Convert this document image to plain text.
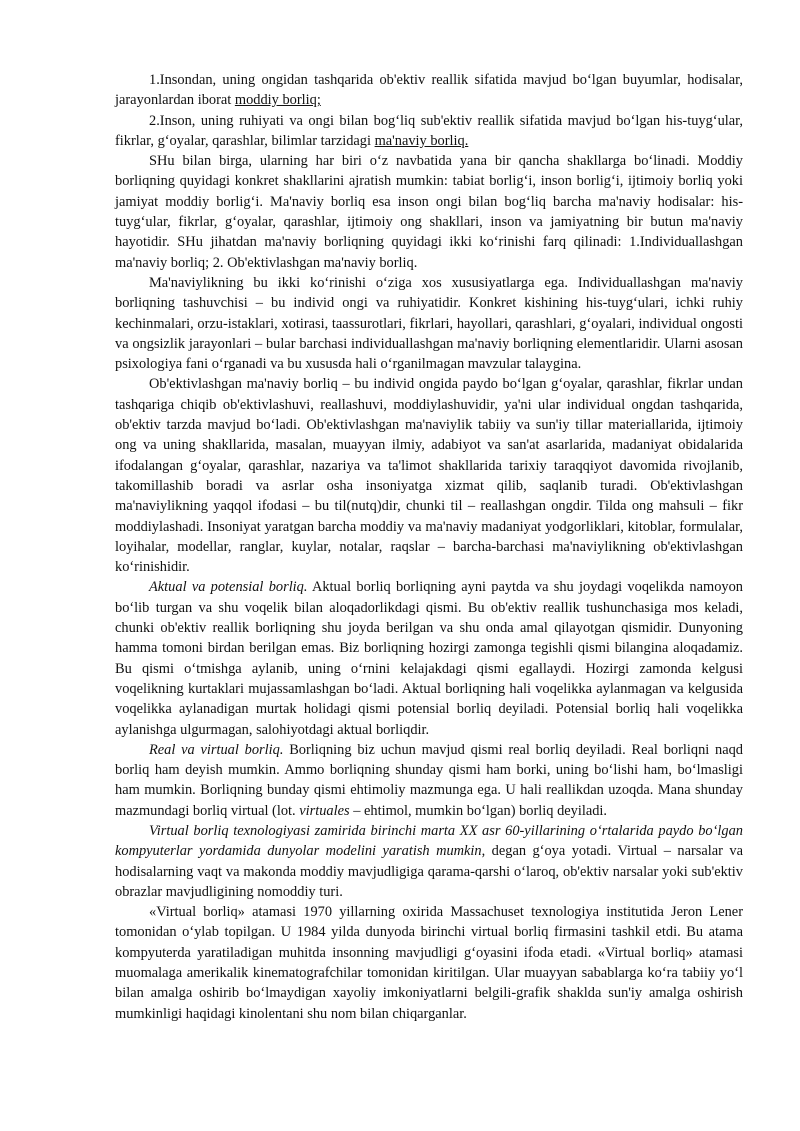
1.Insondan, uning ongidan tashqarida ob'ektiv reallik sifatida mavjud bo‘lgan buyumlar, hodisalar, jarayonlardan iborat moddiy borliq;

2.Inson, uning ruhiyati va ongi bilan bog‘liq sub'ektiv reallik sifatida mavjud bo‘lgan his-tuyg‘ular, fikrlar, g‘oyalar, qarashlar, bilimlar tarzidagi ma'naviy borliq.

SHu bilan birga, ularning har biri o‘z navbatida yana bir qancha shakllarga bo‘linadi. Moddiy borliqning quyidagi konkret shakllarini ajratish mumkin: tabiat borlig‘i, inson borlig‘i, ijtimoiy borliq yoki jamiyat moddiy borlig‘i. Ma'naviy borliq esa inson ongi bilan bog‘liq barcha ma'naviy hodisalar: his-tuyg‘ular, fikrlar, g‘oyalar, qarashlar, ijtimoiy ong shakllari, inson va jamiyatning bir butun ma'naviy hayotidir. SHu jihatdan ma'naviy borliqning quyidagi ikki ko‘rinishi farq qilinadi: 1.Individuallashgan ma'naviy borliq; 2. Ob'ektivlashgan ma'naviy borliq.

Ma'naviylikning bu ikki ko‘rinishi o‘ziga xos xususiyatlarga ega. Individuallashgan ma'naviy borliqning tashuvchisi – bu individ ongi va ruhiyatidir. Konkret kishining his-tuyg‘ulari, ichki ruhiy kechinmalari, orzu-istaklari, xotirasi, taassurotlari, fikrlari, hayollari, qarashlari, g‘oyalari, individual ongosti va ongsizlik jarayonlari – bular barchasi individuallashgan ma'naviy borliqning elementlaridir. Ularni asosan psixologiya fani o‘rganadi va bu xususda hali o‘rganilmagan mavzular talaygina.

Ob'ektivlashgan ma'naviy borliq – bu individ ongida paydo bo‘lgan g‘oyalar, qarashlar, fikrlar undan tashqariga chiqib ob'ektivlashuvi, reallashuvi, moddiylashuvidir, ya'ni ular individual ongdan tashqarida, ob'ektiv tarzda mavjud bo‘ladi. Ob'ektivlashgan ma'naviylik tabiiy va sun'iy tillar materiallarida, ijtimoiy ong va uning shakllarida, masalan, muayyan ilmiy, adabiyot va san'at asarlarida, madaniyat obidalarida ifodalangan g‘oyalar, qarashlar, nazariya va ta'limot shakllarida tarixiy taraqqiyot davomida rivojlanib, takomillashib boradi va asrlar osha insoniyatga xizmat qilib, saqlanib turadi. Ob'ektivlashgan ma'naviylikning yaqqol ifodasi – bu til(nutq)dir, chunki til – reallashgan ongdir. Tilda ong mahsuli – fikr moddiylashadi. Insoniyat yaratgan barcha moddiy va ma'naviy madaniyat yodgorliklari, kitoblar, formulalar, loyihalar, modellar, ranglar, kuylar, notalar, raqslar – barcha-barchasi ma'naviylikning ob'ektivlashgan ko‘rinishidir.

Aktual va potensial borliq. Aktual borliq borliqning ayni paytda va shu joydagi voqelikda namoyon bo‘lib turgan va shu voqelik bilan aloqadorlikdagi qismi. Bu ob'ektiv reallik tushunchasiga mos keladi, chunki ob'ektiv reallik borliqning shu joyda berilgan va shu onda amal qilayotgan qismidir. Dunyoning hamma tomoni birdan berilgan emas. Biz borliqning hozirgi zamonga tegishli qismi bilangina aloqadamiz. Bu qismi o‘tmishga aylanib, uning o‘rnini kelajakdagi qismi egallaydi. Hozirgi zamonda kelgusi voqelikning kurtaklari mujassamlashgan bo‘ladi. Aktual borliqning hali voqelikka aylanmagan va kelgusida voqelikka aylanadigan murtak holidagi qismi potensial borliq deyiladi. Potensial borliq hali voqelikka aylanishga ulgurmagan, salohiyotdagi aktual borliqdir.

Real va virtual borliq. Borliqning biz uchun mavjud qismi real borliq deyiladi. Real borliqni naqd borliq ham deyish mumkin. Ammo borliqning shunday qismi ham borki, uning bo‘lishi ham, bo‘lmasligi ham mumkin. Borliqning bunday qismi ehtimoliy mazmunga ega. U hali reallikdan uzoqda. Mana shunday mazmundagi borliq virtual (lot. virtuales – ehtimol, mumkin bo‘lgan) borliq deyiladi.

Virtual borliq texnologiyasi zamirida birinchi marta XX asr 60-yillarining o‘rtalarida paydo bo‘lgan kompyuterlar yordamida dunyolar modelini yaratish mumkin, degan g‘oya yotadi. Virtual – narsalar va hodisalarning vaqt va makonda moddiy mavjudligiga qarama-qarshi o‘laroq, ob'ektiv narsalar yoki sub'ektiv obrazlar mavjudligining nomoddiy turi.

«Virtual borliq» atamasi 1970 yillarning oxirida Massachuset texnologiya institutida Jeron Lener tomonidan o‘ylab topilgan. U 1984 yilda dunyoda birinchi virtual borliq firmasini tashkil etdi. Bu atama kompyuterda yaratiladigan muhitda insonning mavjudligi g‘oyasini ifoda etadi. «Virtual borliq» atamasi muomalaga amerikalik kinematografchilar tomonidan kiritilgan. Ular muayyan sabablarga ko‘ra tabiiy yo‘l bilan amalga oshirib bo‘lmaydigan xayoliy imkoniyatlarni belgili-grafik shaklda sun'iy amalga oshirish mumkinligi haqidagi kinolentani shu nom bilan chiqarganlar.
